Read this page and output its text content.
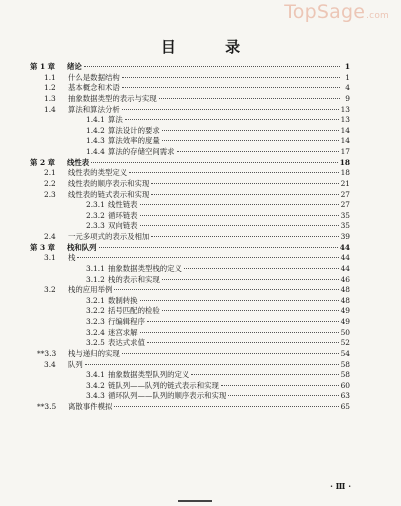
TopSage.com
目 录
第 1 章	绪论	1
1.1	什么是数据结构	1
1.2	基本概念和术语	4
1.3	抽象数据类型的表示与实现	9
1.4	算法和算法分析	13
1.4.1 算法	13
1.4.2 算法设计的要求	14
1.4.3 算法效率的度量	14
1.4.4 算法的存储空间需求	17
第 2 章	线性表	18
2.1	线性表的类型定义	18
2.2	线性表的顺序表示和实现	21
2.3	线性表的链式表示和实现	27
2.3.1 线性链表	27
2.3.2 循环链表	35
2.3.3 双向链表	35
2.4	一元多项式的表示及相加	39
第 3 章	栈和队列	44
3.1	栈	44
3.1.1 抽象数据类型栈的定义	44
3.1.2 栈的表示和实现	46
3.2	栈的应用举例	48
3.2.1 数制转换	48
3.2.2 括号匹配的检验	49
3.2.3 行编辑程序	49
3.2.4 迷宫求解	50
3.2.5 表达式求值	52
**3.3	栈与递归的实现	54
3.4	队列	58
3.4.1 抽象数据类型队列的定义	58
3.4.2 链队列——队列的链式表示和实现	60
3.4.3 循环队列——队列的顺序表示和实现	63
**3.5	离散事件模拟	65
· Ⅲ ·
